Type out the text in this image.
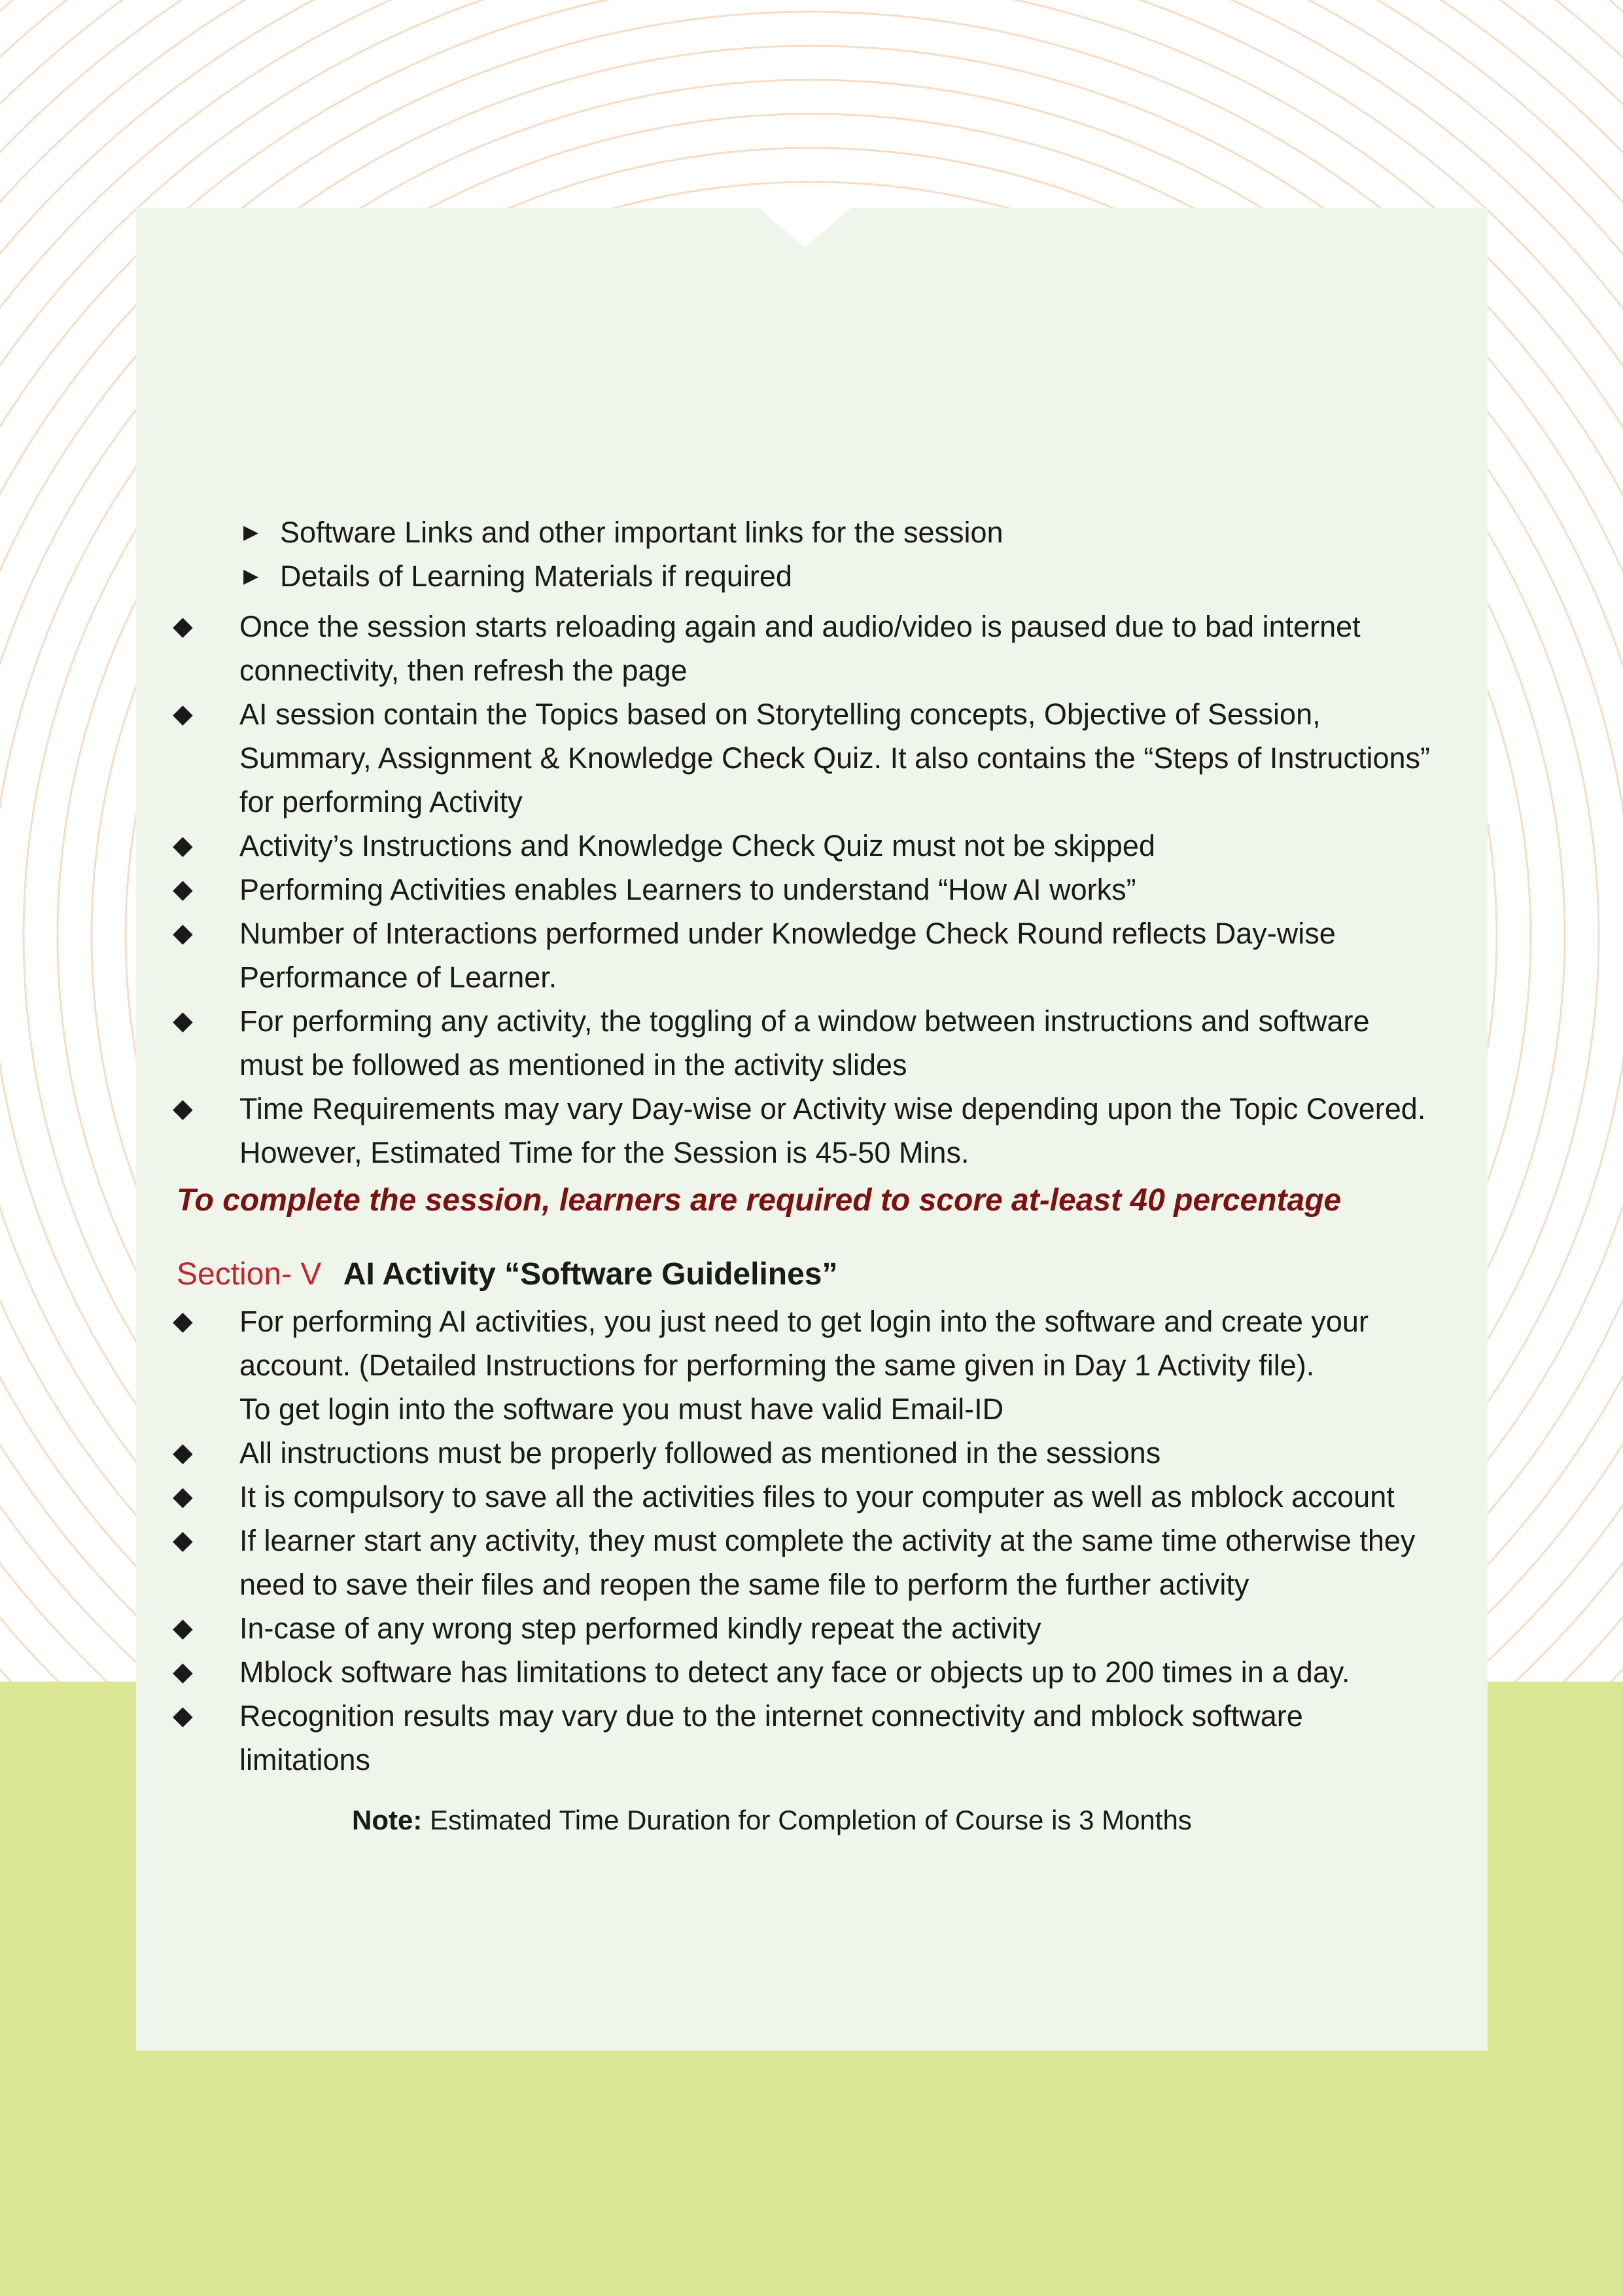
▶ Software Links and other important links for the session
▶ Details of Learning Materials if required
◆ Once the session starts reloading again and audio/video is paused due to bad internet
connectivity, then refresh the page
◆ AI session contain the Topics based on Storytelling concepts, Objective of Session,
Summary, Assignment & Knowledge Check Quiz. It also contains the “Steps of Instructions”
for performing Activity
◆ Activity’s Instructions and Knowledge Check Quiz must not be skipped
◆ Performing Activities enables Learners to understand “How AI works”
◆ Number of Interactions performed under Knowledge Check Round reflects Day-wise
Performance of Learner.
◆ For performing any activity, the toggling of a window between instructions and software
must be followed as mentioned in the activity slides
◆ Time Requirements may vary Day-wise or Activity wise depending upon the Topic Covered.
However, Estimated Time for the Session is 45-50 Mins.
To complete the session, learners are required to score at-least 40 percentage
Section- V AI Activity “Software Guidelines”
◆ For performing AI activities, you just need to get login into the software and create your
account. (Detailed Instructions for performing the same given in Day 1 Activity file).
To get login into the software you must have valid Email-ID
◆ All instructions must be properly followed as mentioned in the sessions
◆ It is compulsory to save all the activities files to your computer as well as mblock account
◆ If learner start any activity, they must complete the activity at the same time otherwise they
need to save their files and reopen the same file to perform the further activity
◆ In-case of any wrong step performed kindly repeat the activity
◆ Mblock software has limitations to detect any face or objects up to 200 times in a day.
◆ Recognition results may vary due to the internet connectivity and mblock software
limitations
Note: Estimated Time Duration for Completion of Course is 3 Months
